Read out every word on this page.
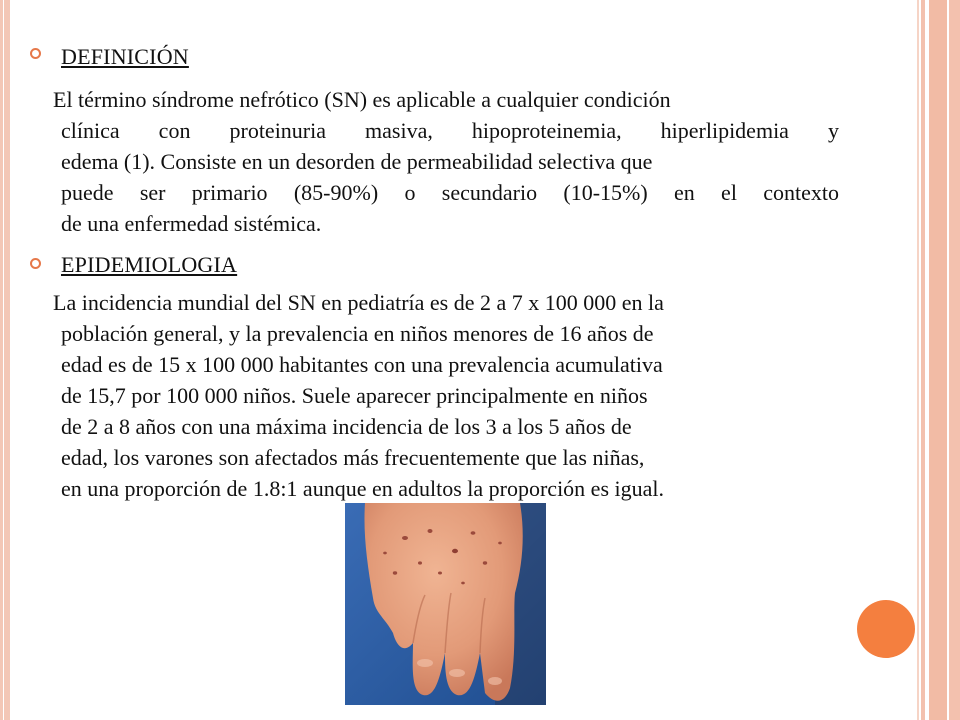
DEFINICIÓN
El término síndrome nefrótico (SN) es aplicable a cualquier condición
clínica con proteinuria masiva, hipoproteinemia, hiperlipidemia y
edema (1). Consiste en un desorden de permeabilidad selectiva que
puede ser primario (85-90%) o secundario (10-15%) en el contexto
de una enfermedad sistémica.
EPIDEMIOLOGIA
La incidencia mundial del SN en pediatría es de 2 a 7 x 100 000 en la
población general, y la prevalencia en niños menores de 16 años de
edad es de 15 x 100 000 habitantes con una prevalencia acumulativa
de 15,7 por 100 000 niños. Suele aparecer principalmente en niños
de 2 a 8 años con una máxima incidencia de los 3 a los 5 años de
edad, los varones son afectados más frecuentemente que las niñas,
en una proporción de 1.8:1 aunque en adultos la proporción es igual.
